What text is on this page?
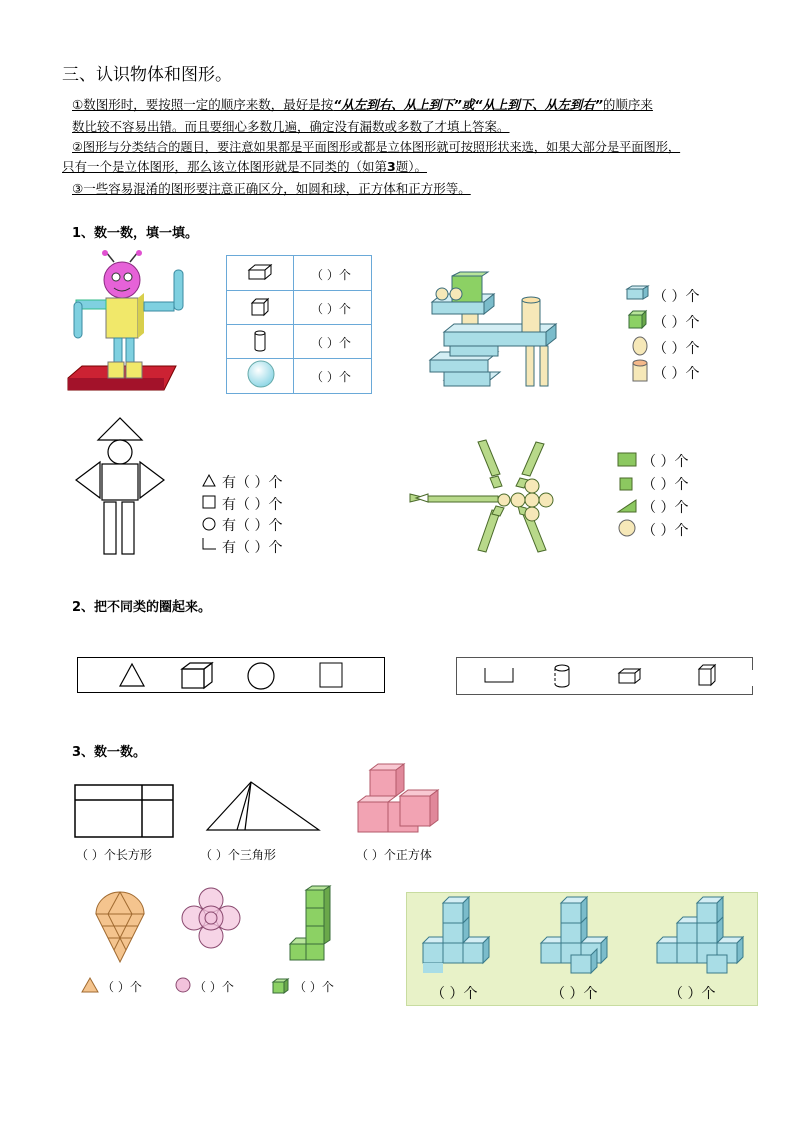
三、认识物体和图形。
①数图形时，要按照一定的顺序来数，最好是按“从左到右、从上到下”或“从上到下、从左到右”的顺序来
数比较不容易出错。而且要细心多数几遍，确定没有漏数或多数了才填上答案。
②图形与分类结合的题目，要注意如果都是平面图形或都是立体图形就可按照形状来选，如果大部分是平面图形，
只有一个是立体图形，那么该立体图形就是不同类的（如第3题）。
③一些容易混淆的图形要注意正确区分，如圆和球，正方体和正方形等。
1、数一数，填一填。
（ ）个
（ ）个
（ ）个
（ ）个
（ ）个
（ ）个
（ ）个
（ ）个
有（ ）个
有（ ）个
有（ ）个
有（ ）个
（ ）个
（ ）个
（ ）个
（ ）个
2、把不同类的圈起来。
3、数一数。
（ ）个长方形	（ ）个三角形	（ ）个正方体
（ ）个	（ ）个	（ ）个	（ ）个	（ ）个	（ ）个
